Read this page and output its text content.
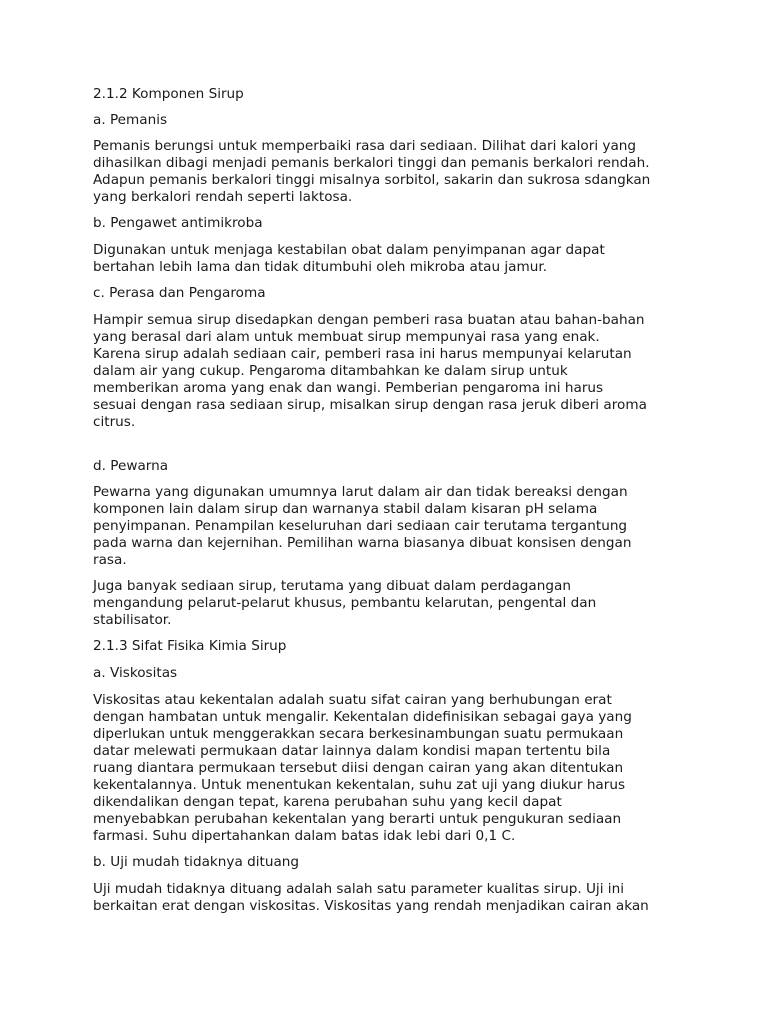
2.1.2 Komponen Sirup
a. Pemanis
Pemanis berungsi untuk memperbaiki rasa dari sediaan. Dilihat dari kalori yang
dihasilkan dibagi menjadi pemanis berkalori tinggi dan pemanis berkalori rendah.
Adapun pemanis berkalori tinggi misalnya sorbitol, sakarin dan sukrosa sdangkan
yang berkalori rendah seperti laktosa.
b. Pengawet antimikroba
Digunakan untuk menjaga kestabilan obat dalam penyimpanan agar dapat
bertahan lebih lama dan tidak ditumbuhi oleh mikroba atau jamur.
c. Perasa dan Pengaroma
Hampir semua sirup disedapkan dengan pemberi rasa buatan atau bahan-bahan
yang berasal dari alam untuk membuat sirup mempunyai rasa yang enak.
Karena sirup adalah sediaan cair, pemberi rasa ini harus mempunyai kelarutan
dalam air yang cukup. Pengaroma ditambahkan ke dalam sirup untuk
memberikan aroma yang enak dan wangi. Pemberian pengaroma ini harus
sesuai dengan rasa sediaan sirup, misalkan sirup dengan rasa jeruk diberi aroma
citrus.
d. Pewarna
Pewarna yang digunakan umumnya larut dalam air dan tidak bereaksi dengan
komponen lain dalam sirup dan warnanya stabil dalam kisaran pH selama
penyimpanan. Penampilan keseluruhan dari sediaan cair terutama tergantung
pada warna dan kejernihan. Pemilihan warna biasanya dibuat konsisen dengan
rasa.
Juga banyak sediaan sirup, terutama yang dibuat dalam perdagangan
mengandung pelarut-pelarut khusus, pembantu kelarutan, pengental dan
stabilisator.
2.1.3 Sifat Fisika Kimia Sirup
a. Viskositas
Viskositas atau kekentalan adalah suatu sifat cairan yang berhubungan erat
dengan hambatan untuk mengalir. Kekentalan didefinisikan sebagai gaya yang
diperlukan untuk menggerakkan secara berkesinambungan suatu permukaan
datar melewati permukaan datar lainnya dalam kondisi mapan tertentu bila
ruang diantara permukaan tersebut diisi dengan cairan yang akan ditentukan
kekentalannya. Untuk menentukan kekentalan, suhu zat uji yang diukur harus
dikendalikan dengan tepat, karena perubahan suhu yang kecil dapat
menyebabkan perubahan kekentalan yang berarti untuk pengukuran sediaan
farmasi. Suhu dipertahankan dalam batas idak lebi dari 0,1 C.
b. Uji mudah tidaknya dituang
Uji mudah tidaknya dituang adalah salah satu parameter kualitas sirup. Uji ini
berkaitan erat dengan viskositas. Viskositas yang rendah menjadikan cairan akan
